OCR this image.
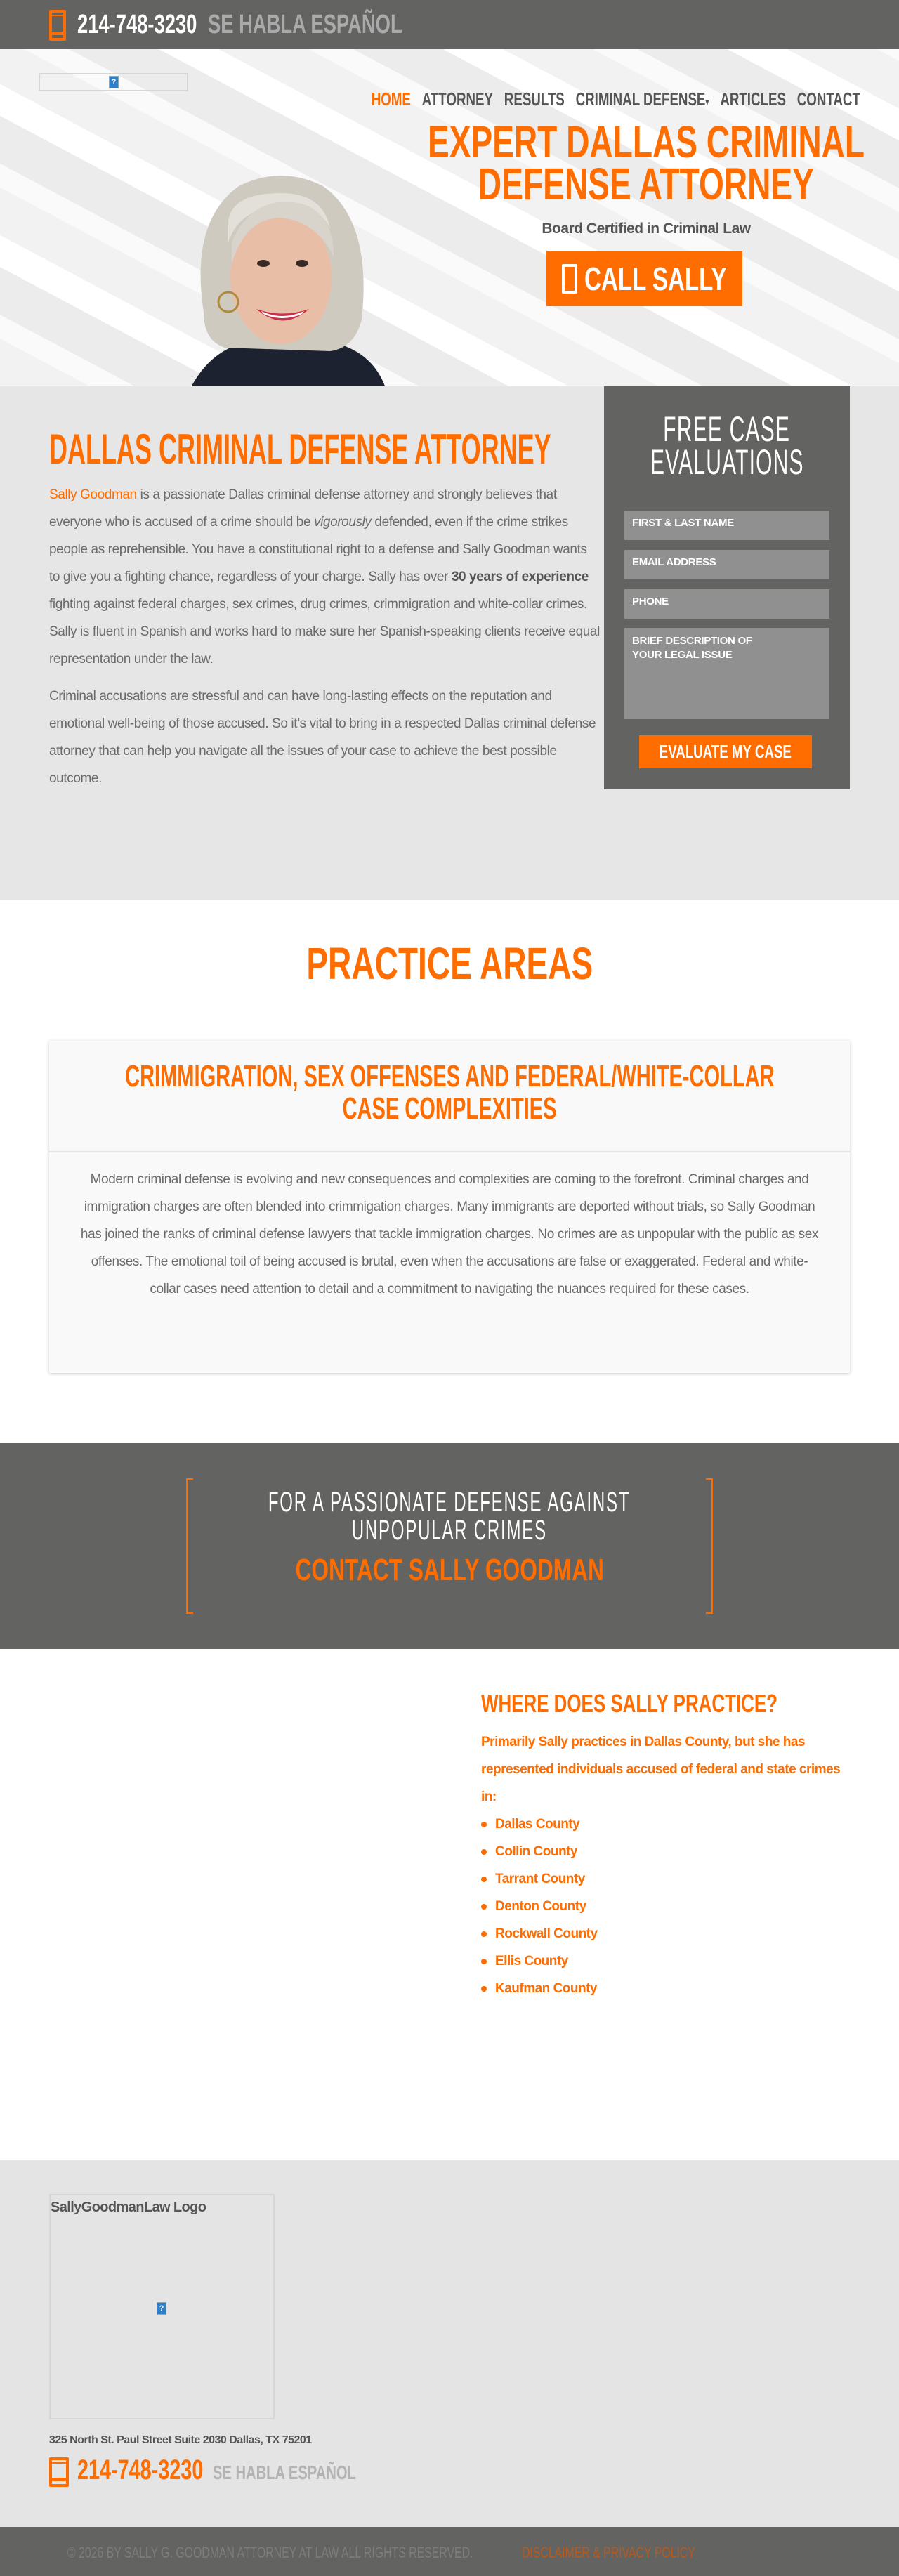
214-748-3230 SE HABLA ESPAÑOL
?
HOME ATTORNEY RESULTS CRIMINAL DEFENSE▾ ARTICLES CONTACT
EXPERT DALLAS CRIMINAL
DEFENSE ATTORNEY
Board Certified in Criminal Law
CALL SALLY
DALLAS CRIMINAL DEFENSE ATTORNEY

Sally Goodman is a passionate Dallas criminal defense attorney and strongly believes that everyone who is accused of a crime should be vigorously defended, even if the crime strikes people as reprehensible. You have a constitutional right to a defense and Sally Goodman wants to give you a fighting chance, regardless of your charge. Sally has over 30 years of experience fighting against federal charges, sex crimes, drug crimes, crimmigration and white-collar crimes. Sally is fluent in Spanish and works hard to make sure her Spanish-speaking clients receive equal representation under the law.

Criminal accusations are stressful and can have long-lasting effects on the reputation and emotional well-being of those accused. So it’s vital to bring in a respected Dallas criminal defense attorney that can help you navigate all the issues of your case to achieve the best possible outcome.

FREE CASE
EVALUATIONS
FIRST & LAST NAME
EMAIL ADDRESS
PHONE
BRIEF DESCRIPTION OF YOUR LEGAL ISSUE
EVALUATE MY CASE
PRACTICE AREAS
CRIMMIGRATION, SEX OFFENSES AND FEDERAL/WHITE-COLLAR
CASE COMPLEXITIES

Modern criminal defense is evolving and new consequences and complexities are coming to the forefront. Criminal charges and immigration charges are often blended into crimmigation charges. Many immigrants are deported without trials, so Sally Goodman has joined the ranks of criminal defense lawyers that tackle immigration charges. No crimes are as unpopular with the public as sex offenses. The emotional toil of being accused is brutal, even when the accusations are false or exaggerated. Federal and white-collar cases need attention to detail and a commitment to navigating the nuances required for these cases.

FOR A PASSIONATE DEFENSE AGAINST
UNPOPULAR CRIMES
CONTACT SALLY GOODMAN
WHERE DOES SALLY PRACTICE?

Primarily Sally practices in Dallas County, but she has represented individuals accused of federal and state crimes in:

Dallas County
Collin County
Tarrant County
Denton County
Rockwall County
Ellis County
Kaufman County
SallyGoodmanLaw Logo
?
325 North St. Paul Street Suite 2030 Dallas, TX 75201
214-748-3230 SE HABLA ESPAÑOL
© 2026 BY SALLY G. GOODMAN ATTORNEY AT LAW ALL RIGHTS RESERVED.	DISCLAIMER & PRIVACY POLICY
